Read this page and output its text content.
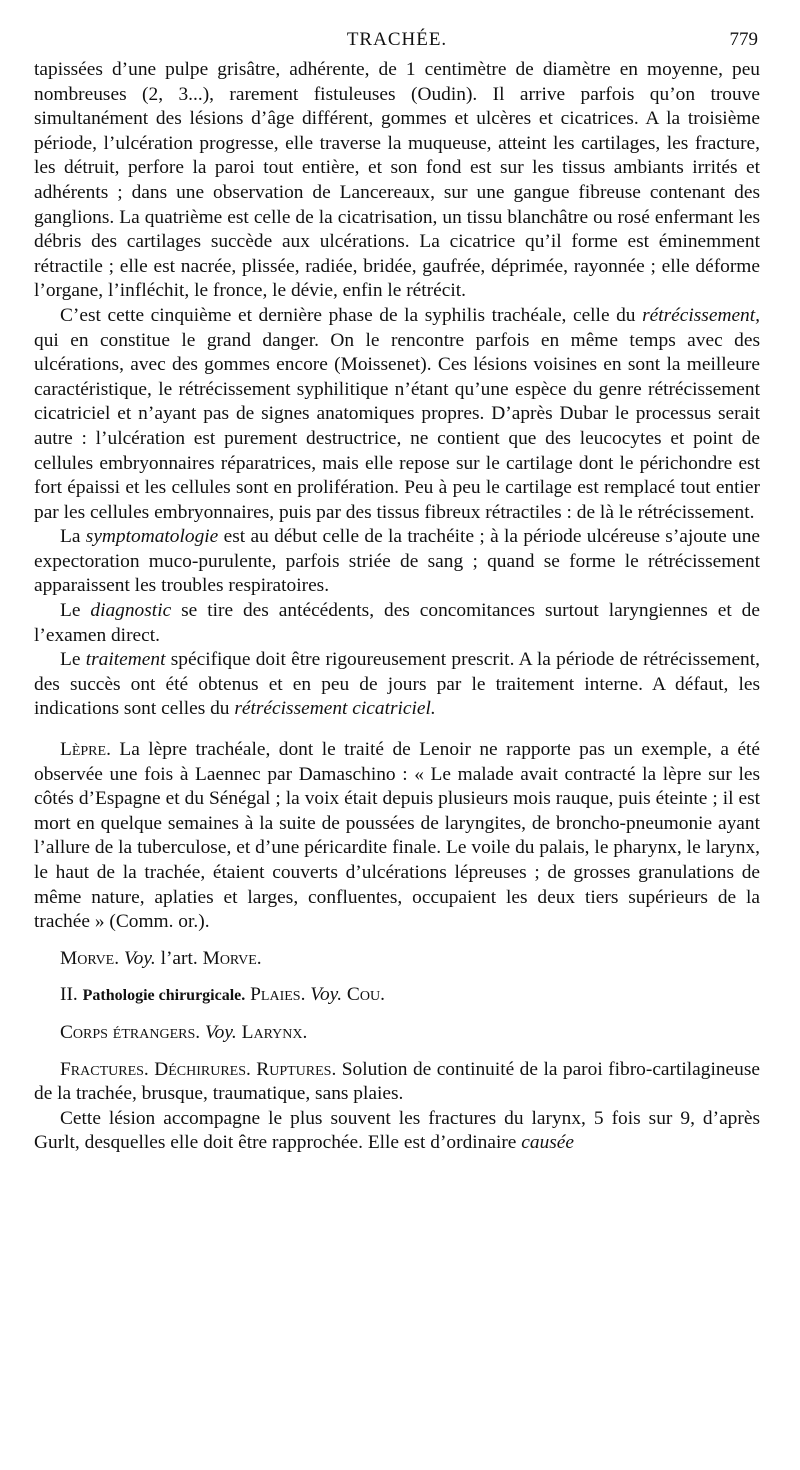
TRACHÉE.	779

tapissées d’une pulpe grisâtre, adhérente, de 1 centimètre de diamètre en moyenne, peu nombreuses (2, 3...), rarement fistuleuses (Oudin). Il arrive parfois qu’on trouve simultanément des lésions d’âge différent, gommes et ulcères et cicatrices. A la troisième période, l’ulcération progresse, elle traverse la muqueuse, atteint les cartilages, les fracture, les détruit, perfore la paroi tout entière, et son fond est sur les tissus ambiants irrités et adhérents ; dans une observation de Lancereaux, sur une gangue fibreuse contenant des ganglions. La quatrième est celle de la cicatrisation, un tissu blanchâtre ou rosé enfermant les débris des cartilages succède aux ulcérations. La cicatrice qu’il forme est éminemment rétractile ; elle est nacrée, plissée, radiée, bridée, gaufrée, déprimée, rayonnée ; elle déforme l’organe, l’infléchit, le fronce, le dévie, enfin le rétrécit.

C’est cette cinquième et dernière phase de la syphilis trachéale, celle du rétrécissement, qui en constitue le grand danger. On le rencontre parfois en même temps avec des ulcérations, avec des gommes encore (Moissenet). Ces lésions voisines en sont la meilleure caractéristique, le rétrécissement syphilitique n’étant qu’une espèce du genre rétrécissement cicatriciel et n’ayant pas de signes anatomiques propres. D’après Dubar le processus serait autre : l’ulcération est purement destructrice, ne contient que des leucocytes et point de cellules embryonnaires réparatrices, mais elle repose sur le cartilage dont le périchondre est fort épaissi et les cellules sont en prolifération. Peu à peu le cartilage est remplacé tout entier par les cellules embryonnaires, puis par des tissus fibreux rétractiles : de là le rétrécissement.

La symptomatologie est au début celle de la trachéite ; à la période ulcéreuse s’ajoute une expectoration muco-purulente, parfois striée de sang ; quand se forme le rétrécissement apparaissent les troubles respiratoires.

Le diagnostic se tire des antécédents, des concomitances surtout laryngiennes et de l’examen direct.

Le traitement spécifique doit être rigoureusement prescrit. A la période de rétrécissement, des succès ont été obtenus et en peu de jours par le traitement interne. A défaut, les indications sont celles du rétrécissement cicatriciel.

Lèpre. La lèpre trachéale, dont le traité de Lenoir ne rapporte pas un exemple, a été observée une fois à Laennec par Damaschino : « Le malade avait contracté la lèpre sur les côtés d’Espagne et du Sénégal ; la voix était depuis plusieurs mois rauque, puis éteinte ; il est mort en quelque semaines à la suite de poussées de laryngites, de broncho-pneumonie ayant l’allure de la tuberculose, et d’une péricardite finale. Le voile du palais, le pharynx, le larynx, le haut de la trachée, étaient couverts d’ulcérations lépreuses ; de grosses granulations de même nature, aplaties et larges, confluentes, occupaient les deux tiers supérieurs de la trachée » (Comm. or.).

Morve. Voy. l’art. Morve.

II. Pathologie chirurgicale. Plaies. Voy. Cou.

Corps étrangers. Voy. Larynx.

Fractures. Déchirures. Ruptures. Solution de continuité de la paroi fibro-cartilagineuse de la trachée, brusque, traumatique, sans plaies.

Cette lésion accompagne le plus souvent les fractures du larynx, 5 fois sur 9, d’après Gurlt, desquelles elle doit être rapprochée. Elle est d’ordinaire causée
